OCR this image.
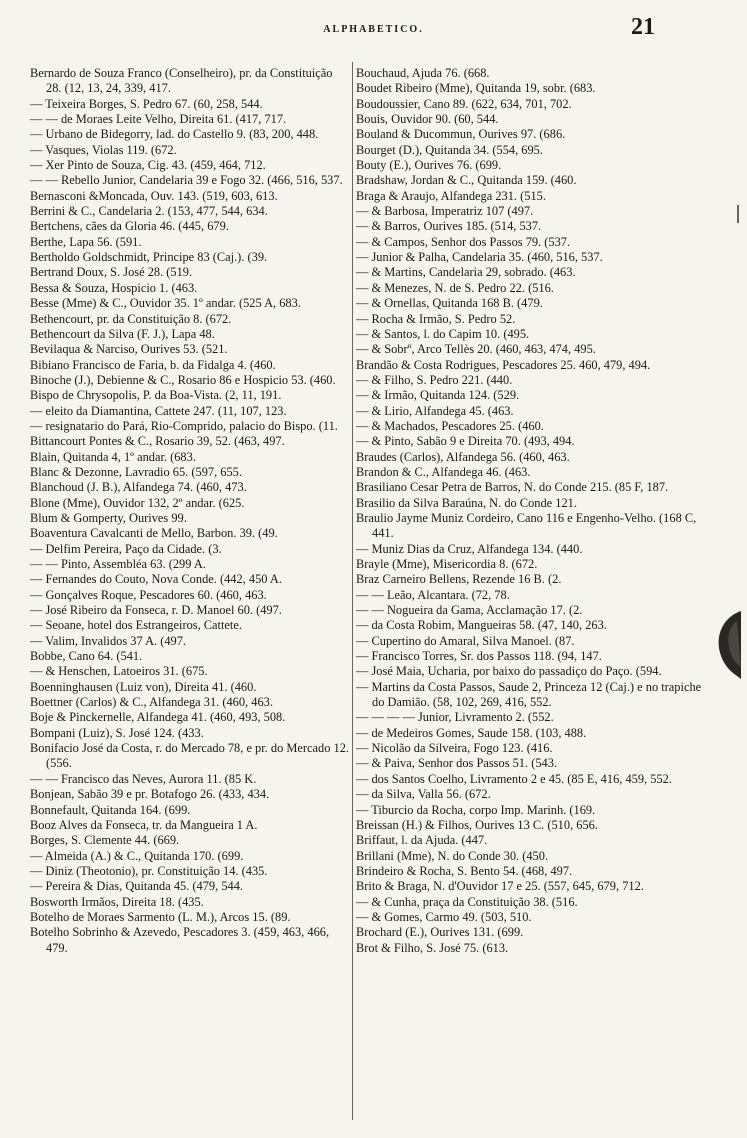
ALPHABETICO.	21
Bernardo de Souza Franco (Conselheiro), pr. da Constituição 28. (12, 13, 24, 339, 417.
— Teixeira Borges, S. Pedro 67. (60, 258, 544.
— — de Moraes Leite Velho, Direita 61. (417, 717.
— Urbano de Bidegorry, lad. do Castello 9. (83, 200, 448.
— Vasques, Violas 119. (672.
— Xer Pinto de Souza, Cig. 43. (459, 464, 712.
— — Rebello Junior, Candelaria 39 e Fogo 32. (466, 516, 537.
Bernasconi &Moncada, Ouv. 143. (519, 603, 613.
Berrini & C., Candelaria 2. (153, 477, 544, 634.
Bertchens, cães da Gloria 46. (445, 679.
Berthe, Lapa 56. (591.
Bertholdo Goldschmidt, Principe 83 (Caj.). (39.
Bertrand Doux, S. José 28. (519.
Bessa & Souza, Hospicio 1. (463.
Besse (Mme) & C., Ouvidor 35. 1º andar. (525 A, 683.
Bethencourt, pr. da Constituição 8. (672.
Bethencourt da Silva (F. J.), Lapa 48.
Bevilaqua & Narciso, Ourives 53. (521.
Bibiano Francisco de Faria, b. da Fidalga 4. (460.
Binoche (J.), Debienne & C., Rosario 86 e Hospicio 53. (460.
Bispo de Chrysopolis, P. da Boa-Vista. (2, 11, 191.
— eleito da Diamantina, Cattete 247. (11, 107, 123.
— resignatario do Pará, Rio-Comprido, palacio do Bispo. (11.
Bittancourt Pontes & C., Rosario 39, 52. (463, 497.
Blain, Quitanda 4, 1º andar. (683.
Blanc & Dezonne, Lavradio 65. (597, 655.
Blanchoud (J. B.), Alfandega 74. (460, 473.
Blone (Mme), Ouvidor 132, 2º andar. (625.
Blum & Gomperty, Ourives 99.
Boaventura Cavalcanti de Mello, Barbon. 39. (49.
— Delfim Pereira, Paço da Cidade. (3.
— — Pinto, Assembléa 63. (299 A.
— Fernandes do Couto, Nova Conde. (442, 450 A.
— Gonçalves Roque, Pescadores 60. (460, 463.
— José Ribeiro da Fonseca, r. D. Manoel 60. (497.
— Seoane, hotel dos Estrangeiros, Cattete.
— Valim, Invalidos 37 A. (497.
Bobbe, Cano 64. (541.
— & Henschen, Latoeiros 31. (675.
Boenninghausen (Luiz von), Direita 41. (460.
Boettner (Carlos) & C., Alfandega 31. (460, 463.
Boje & Pinckernelle, Alfandega 41. (460, 493, 508.
Bompani (Luiz), S. José 124. (433.
Bonifacio José da Costa, r. do Mercado 78, e pr. do Mercado 12. (556.
— — Francisco das Neves, Aurora 11. (85 K.
Bonjean, Sabão 39 e pr. Botafogo 26. (433, 434.
Bonnefault, Quitanda 164. (699.
Booz Alves da Fonseca, tr. da Mangueira 1 A.
Borges, S. Clemente 44. (669.
— Almeida (A.) & C., Quitanda 170. (699.
— Diniz (Theotonio), pr. Constituição 14. (435.
— Pereira & Dias, Quitanda 45. (479, 544.
Bosworth Irmãos, Direita 18. (435.
Botelho de Moraes Sarmento (L. M.), Arcos 15. (89.
Botelho Sobrinho & Azevedo, Pescadores 3. (459, 463, 466, 479.
Bouchaud, Ajuda 76. (668.
Boudet Ribeiro (Mme), Quitanda 19, sobr. (683.
Boudoussier, Cano 89. (622, 634, 701, 702.
Bouis, Ouvidor 90. (60, 544.
Bouland & Ducommun, Ourives 97. (686.
Bourget (D.), Quitanda 34. (554, 695.
Bouty (E.), Ourives 76. (699.
Bradshaw, Jordan & C., Quitanda 159. (460.
Braga & Araujo, Alfandega 231. (515.
— & Barbosa, Imperatriz 107 (497.
— & Barros, Ourives 185. (514, 537.
— & Campos, Senhor dos Passos 79. (537.
— Junior & Palha, Candelaria 35. (460, 516, 537.
— & Martins, Candelaria 29, sobrado. (463.
— & Menezes, N. de S. Pedro 22. (516.
— & Ornellas, Quitanda 168 B. (479.
— Rocha & Irmão, S. Pedro 52.
— & Santos, l. do Capim 10. (495.
— & Sobrº, Arco Tellès 20. (460, 463, 474, 495.
Brandão & Costa Rodrigues, Pescadores 25. 460, 479, 494.
— & Filho, S. Pedro 221. (440.
— & Irmão, Quitanda 124. (529.
— & Lirio, Alfandega 45. (463.
— & Machados, Pescadores 25. (460.
— & Pinto, Sabão 9 e Direita 70. (493, 494.
Braudes (Carlos), Alfandega 56. (460, 463.
Brandon & C., Alfandega 46. (463.
Brasiliano Cesar Petra de Barros, N. do Conde 215. (85 F, 187.
Brasilio da Silva Baraúna, N. do Conde 121.
Braulio Jayme Muniz Cordeiro, Cano 116 e Engenho-Velho. (168 C, 441.
— Muniz Dias da Cruz, Alfandega 134. (440.
Brayle (Mme), Misericordia 8. (672.
Braz Carneiro Bellens, Rezende 16 B. (2.
— — Leão, Alcantara. (72, 78.
— — Nogueira da Gama, Acclamação 17. (2.
— da Costa Robim, Mangueiras 58. (47, 140, 263.
— Cupertino do Amaral, Silva Manoel. (87.
— Francisco Torres, Sr. dos Passos 118. (94, 147.
— José Maia, Ucharia, por baixo do passadiço do Paço. (594.
— Martins da Costa Passos, Saude 2, Princeza 12 (Caj.) e no trapiche do Damião. (58, 102, 269, 416, 552.
— — — — Junior, Livramento 2. (552.
— de Medeiros Gomes, Saude 158. (103, 488.
— Nicolão da Silveira, Fogo 123. (416.
— & Paiva, Senhor dos Passos 51. (543.
— dos Santos Coelho, Livramento 2 e 45. (85 E, 416, 459, 552.
— da Silva, Valla 56. (672.
— Tiburcio da Rocha, corpo Imp. Marinh. (169.
Breissan (H.) & Filhos, Ourives 13 C. (510, 656.
Briffaut, l. da Ajuda. (447.
Brillani (Mme), N. do Conde 30. (450.
Brindeiro & Rocha, S. Bento 54. (468, 497.
Brito & Braga, N. d'Ouvidor 17 e 25. (557, 645, 679, 712.
— & Cunha, praça da Constituição 38. (516.
— & Gomes, Carmo 49. (503, 510.
Brochard (E.), Ourives 131. (699.
Brot & Filho, S. José 75. (613.
